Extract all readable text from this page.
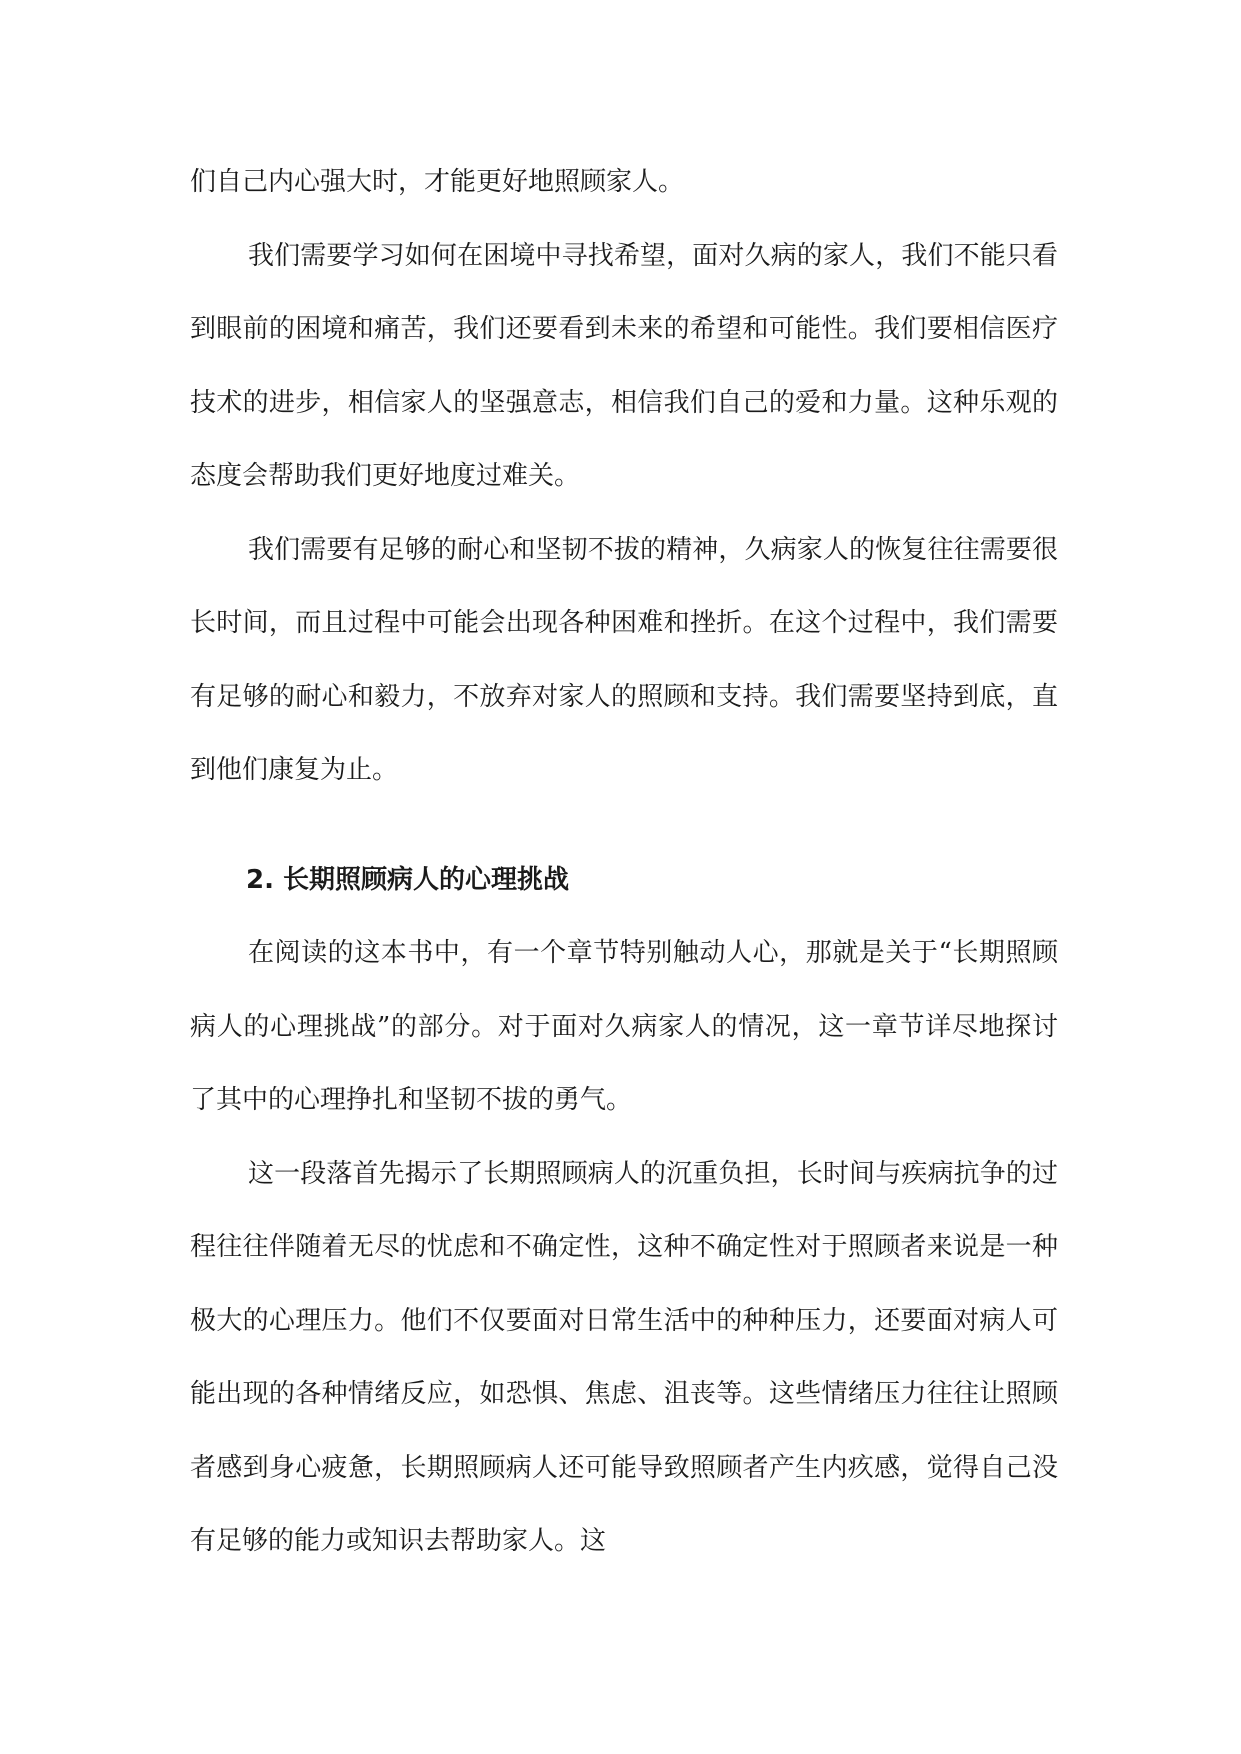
们自己内心强大时，才能更好地照顾家人。

我们需要学习如何在困境中寻找希望，面对久病的家人，我们不能只看到眼前的困境和痛苦，我们还要看到未来的希望和可能性。我们要相信医疗技术的进步，相信家人的坚强意志，相信我们自己的爱和力量。这种乐观的态度会帮助我们更好地度过难关。

我们需要有足够的耐心和坚韧不拔的精神，久病家人的恢复往往需要很长时间，而且过程中可能会出现各种困难和挫折。在这个过程中，我们需要有足够的耐心和毅力，不放弃对家人的照顾和支持。我们需要坚持到底，直到他们康复为止。

2. 长期照顾病人的心理挑战

在阅读的这本书中，有一个章节特别触动人心，那就是关于“长期照顾病人的心理挑战”的部分。对于面对久病家人的情况，这一章节详尽地探讨了其中的心理挣扎和坚韧不拔的勇气。

这一段落首先揭示了长期照顾病人的沉重负担，长时间与疾病抗争的过程往往伴随着无尽的忧虑和不确定性，这种不确定性对于照顾者来说是一种极大的心理压力。他们不仅要面对日常生活中的种种压力，还要面对病人可能出现的各种情绪反应，如恐惧、焦虑、沮丧等。这些情绪压力往往让照顾者感到身心疲惫，长期照顾病人还可能导致照顾者产生内疚感，觉得自己没有足够的能力或知识去帮助家人。这
